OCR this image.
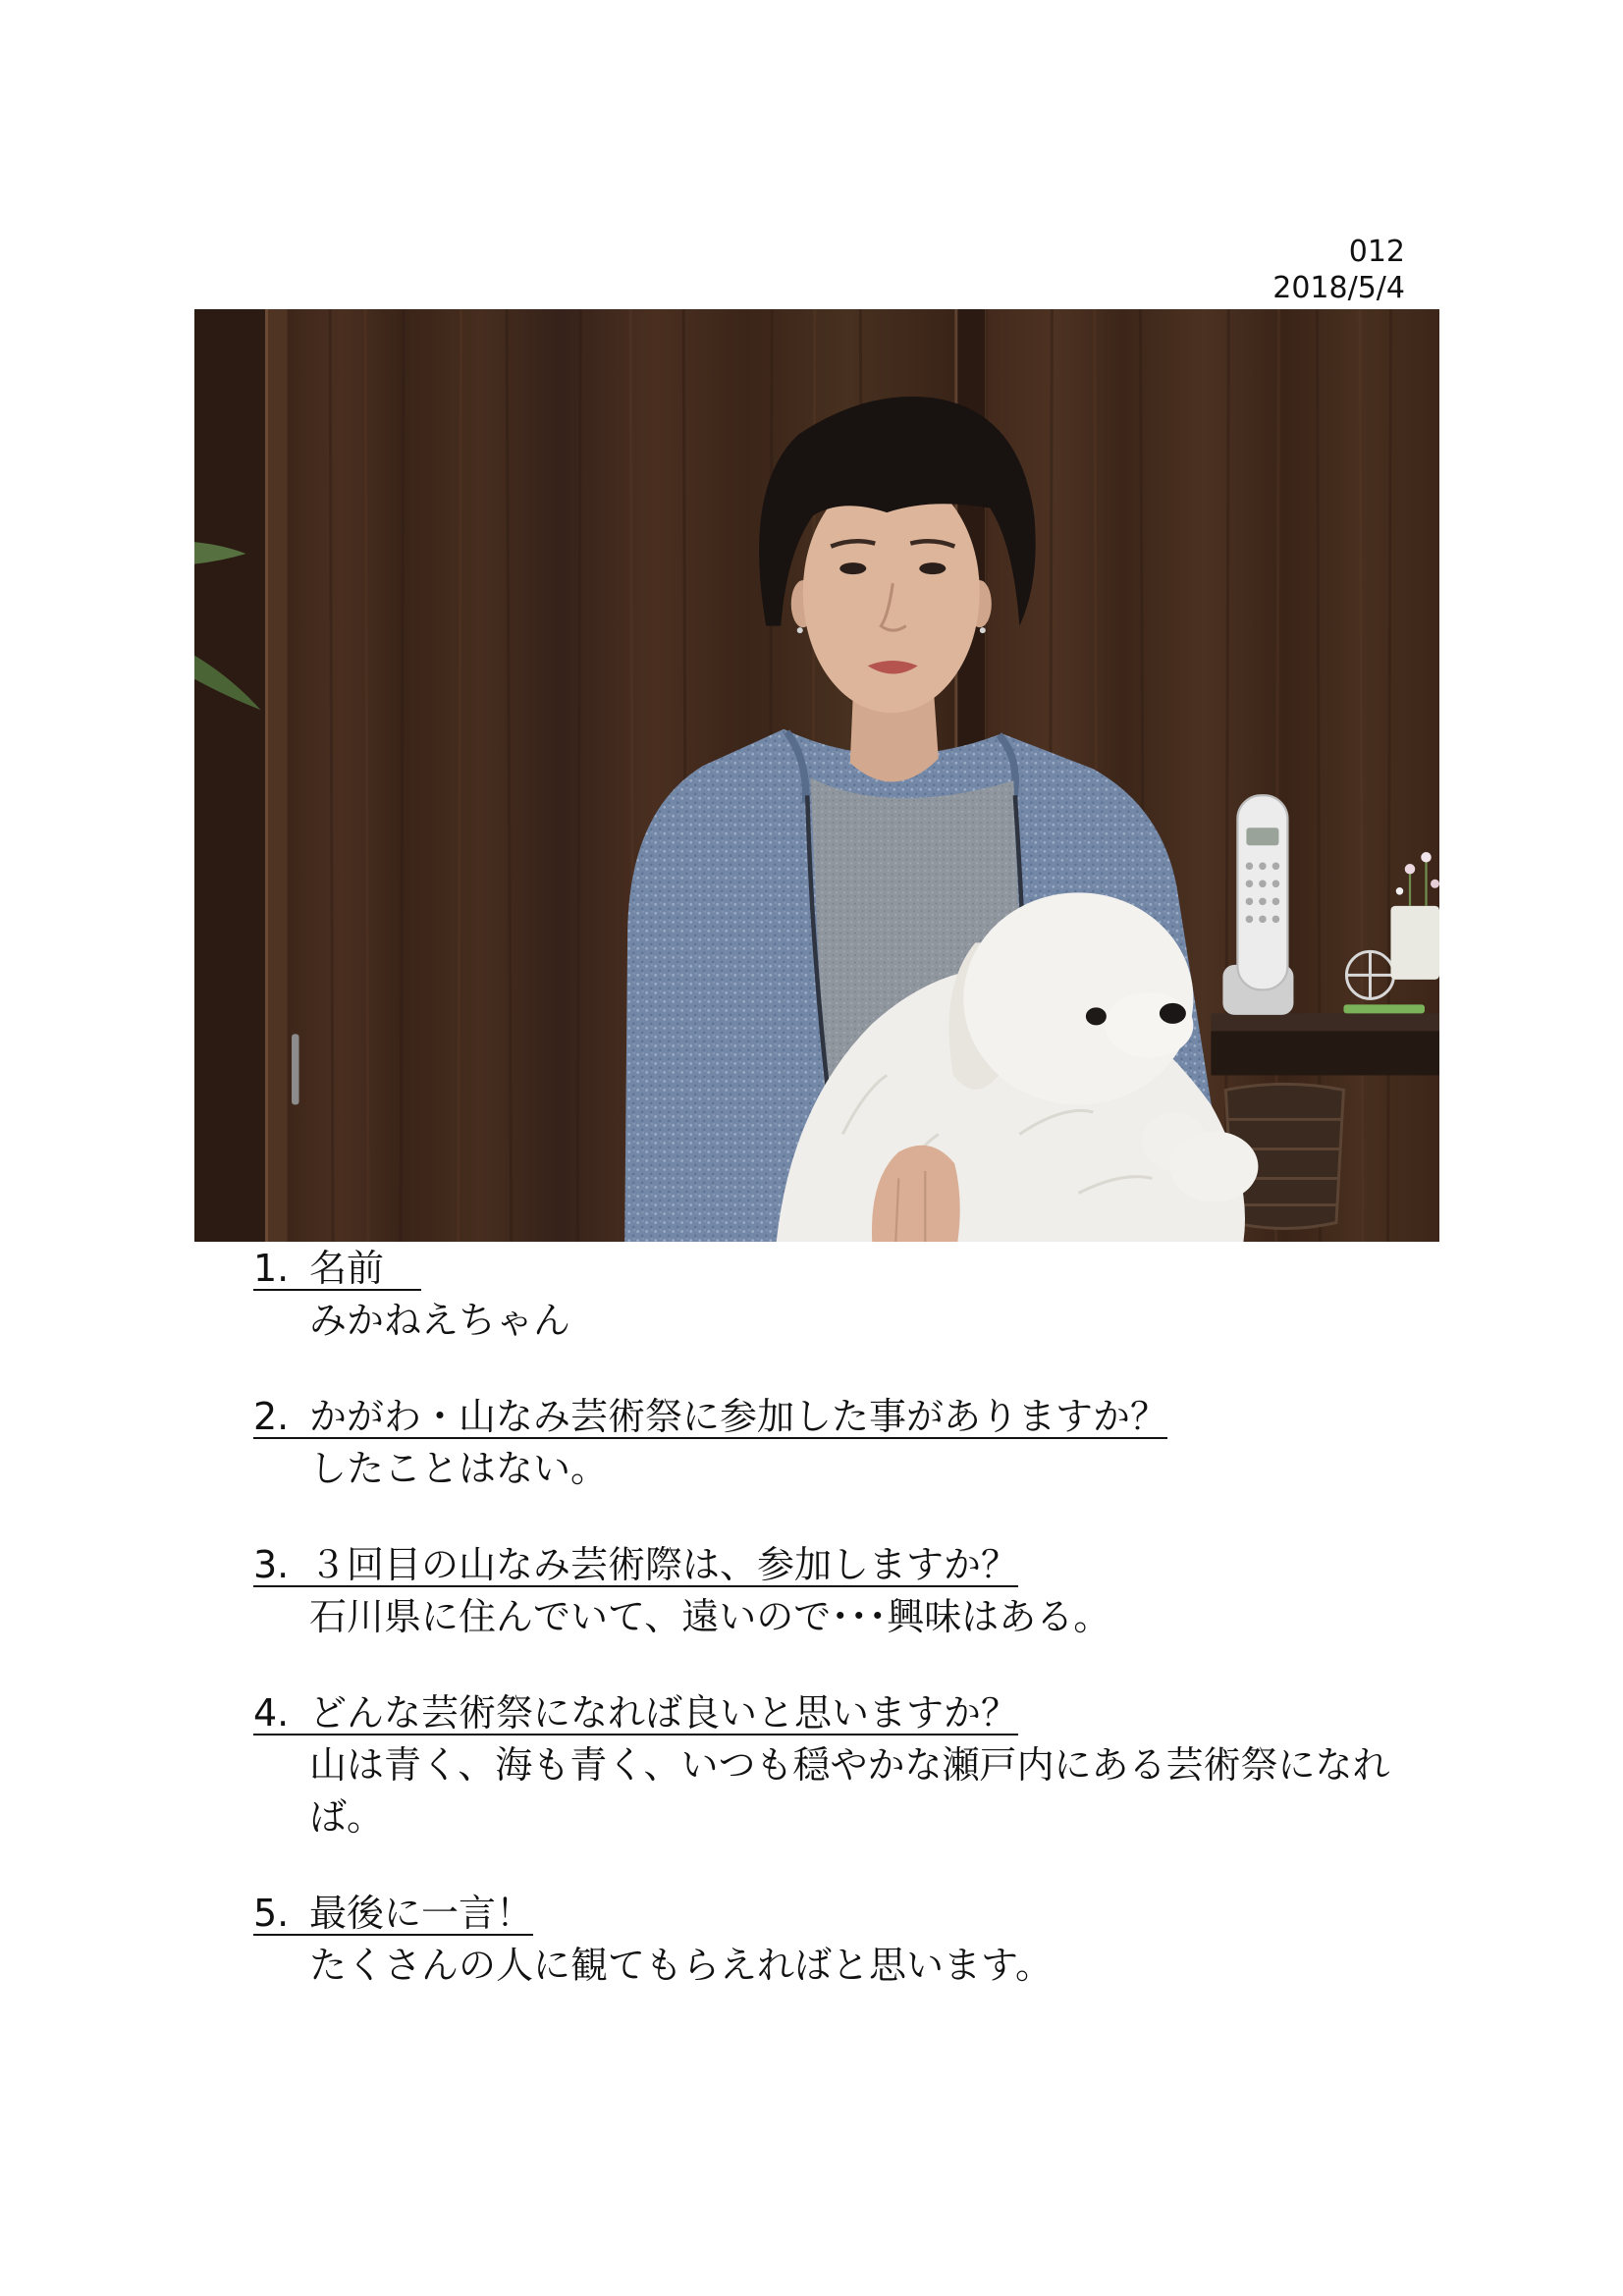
012
2018/5/4
1. 名前　
みかねえちゃん
2. かがわ・山なみ芸術祭に参加した事がありますか？
したことはない。
3. ３回目の山なみ芸術際は、参加しますか？
石川県に住んでいて、遠いので･･･興味はある。
4. どんな芸術祭になれば良いと思いますか？
山は青く、海も青く、いつも穏やかな瀬戸内にある芸術祭になれば。
5. 最後に一言！
たくさんの人に観てもらえればと思います。
